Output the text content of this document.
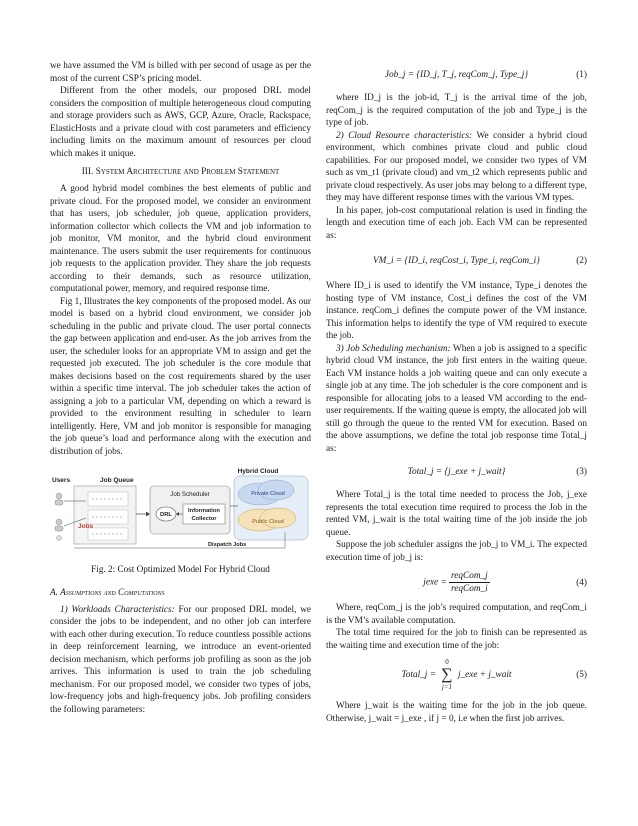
we have assumed the VM is billed with per second of usage as per the most of the current CSP’s pricing model.

Different from the other models, our proposed DRL model considers the composition of multiple heterogeneous cloud computing and storage providers such as AWS, GCP, Azure, Oracle, Rackspace, ElasticHosts and a private cloud with cost parameters and efficiency including limits on the maximum amount of resources per cloud which makes it unique.

III. System Architecture and Problem Statement

A good hybrid model combines the best elements of public and private cloud. For the proposed model, we consider an environment that has users, job scheduler, job queue, application providers, information collector which collects the VM and job information to job monitor, VM monitor, and the hybrid cloud environment maintenance. The users submit the user requirements for continuous job requests to the application provider. They share the job requests according to their demands, such as resource utilization, computational power, memory, and required response time.

Fig 1, Illustrates the key components of the proposed model. As our model is based on a hybrid cloud environment, we consider job scheduling in the public and private cloud. The user portal connects the gap between application and end-user. As the job arrives from the user, the scheduler looks for an appropriate VM to assign and get the requested job executed. The job scheduler is the core module that makes decisions based on the cost requirements shared by the user within a specific time interval. The job scheduler takes the action of assigning a job to a particular VM, depending on which a reward is provided to the environment resulting in scheduler to learn intelligently. Here, VM and job monitor is responsible for managing the job queue’s load and performance along with the execution and distribution of jobs.

Hybrid Cloud
Users	Job Queue
Jobs
Job Scheduler
DRL
Information
Collector
Private Cloud
Public Cloud
Dispatch Jobs
Fig. 2: Cost Optimized Model For Hybrid Cloud
A. Assumptions and Computations

1) Workloads Characteristics: For our proposed DRL model, we consider the jobs to be independent, and no other job can interfere with each other during execution. To reduce countless possible actions in deep reinforcement learning, we introduce an event-oriented decision mechanism, which performs job profiling as soon as the job arrives. This information is used to train the job scheduling mechanism. For our proposed model, we consider two types of jobs, low-frequency jobs and high-frequency jobs. Job profiling considers the following parameters:

Job_j = {ID_j, T_j, reqCom_j, Type_j}	(1)

where ID_j is the job-id, T_j is the arrival time of the job, reqCom_j is the required computation of the job and Type_j is the type of job.

2) Cloud Resource characteristics: We consider a hybrid cloud environment, which combines private cloud and public cloud capabilities. For our proposed model, we consider two types of VM such as vm_t1 (private cloud) and vm_t2 which represents public and private cloud respectively. As user jobs may belong to a different type, they may have different response times with the various VM types.

In his paper, job-cost computational relation is used in finding the length and execution time of each job. Each VM can be represented as:

VM_i = {ID_i, reqCost_i, Type_i, reqCom_i}	(2)

Where ID_i is used to identify the VM instance, Type_i denotes the hosting type of VM instance, Cost_i defines the cost of the VM instance. reqCom_i defines the compute power of the VM instance. This information helps to identify the type of VM required to execute the job.

3) Job Scheduling mechanism: When a job is assigned to a specific hybrid cloud VM instance, the job first enters in the waiting queue. Each VM instance holds a job waiting queue and can only execute a single job at any time. The job scheduler is the core component and is responsible for allocating jobs to a leased VM according to the end-user requirements. If the waiting queue is empty, the allocated job will still go through the queue to the rented VM for execution. Based on the above assumptions, we define the total job response time Total_j as:

Total_j = {j_exe + j_wait}	(3)

Where Total_j is the total time needed to process the Job, j_exe represents the total execution time required to process the Job in the rented VM, j_wait is the total waiting time of the job inside the job queue.

Suppose the job scheduler assigns the job_j to VM_i. The expected execution time of job_j is:

jexe = $\frac{\text{reqCom\_j}}{\text{reqCom\_i}}$	(4)

Where, reqCom_j is the job’s required computation, and reqCom_i is the VM’s available computation.

The total time required for the job to finish can be represented as the waiting time and execution time of the job:

Total_j =
0
∑
j=1
j_exe + j_wait	(5)

Where j_wait is the waiting time for the job in the job queue. Otherwise, j_wait = j_exe , if j = 0, i.e when the first job arrives.
